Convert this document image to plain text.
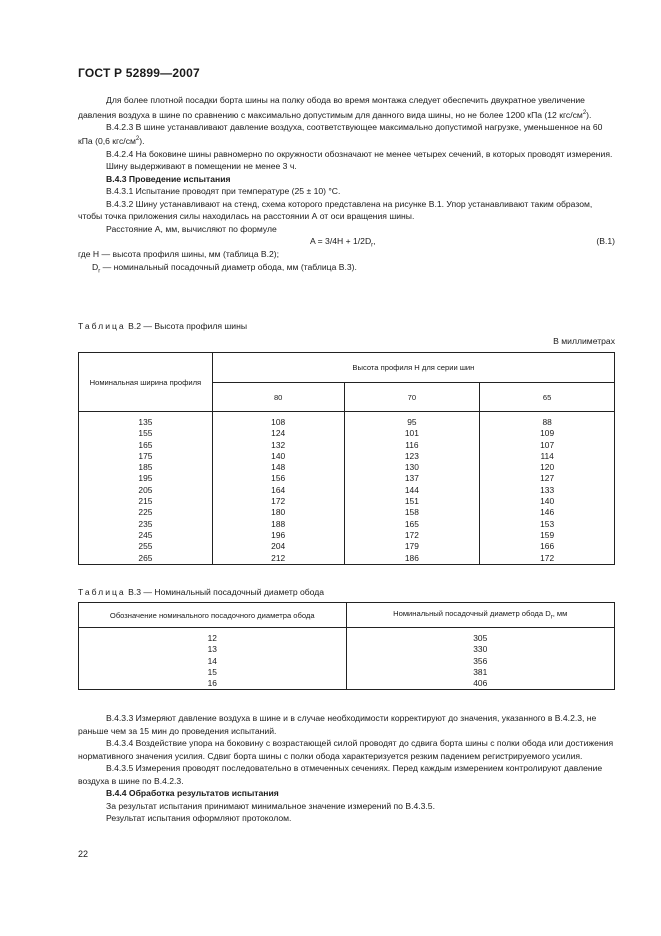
ГОСТ Р 52899—2007

Для более плотной посадки борта шины на полку обода во время монтажа следует обеспечить двукратное увеличение давления воздуха в шине по сравнению с максимально допустимым для данного вида шины, но не более 1200 кПа (12 кгс/$см^2$).

В.4.2.3 В шине устанавливают давление воздуха, соответствующее максимально допустимой нагрузке, уменьшенное на 60 кПа (0,6 кгс/$см^2$).

В.4.2.4 На боковине шины равномерно по окружности обозначают не менее четырех сечений, в которых проводят измерения.

Шину выдерживают в помещении не менее 3 ч.

В.4.3 Проведение испытания

В.4.3.1 Испытание проводят при температуре (25 ± 10) °C.

В.4.3.2 Шину устанавливают на стенд, схема которого представлена на рисунке В.1. Упор устанавливают таким образом, чтобы точка приложения силы находилась на расстоянии А от оси вращения шины.

Расстояние А, мм, вычисляют по формуле

$A = 3/4H + 1/2D_r$,	(В.1)

где H — высота профиля шины, мм (таблица В.2);

$D_r$ — номинальный посадочный диаметр обода, мм (таблица В.3).

Таблица В.2 — Высота профиля шины
В миллиметрах
Номинальная ширина профиля	Высота профиля H для серии шин		
	80	70	65
135	108	95	88
155	124	101	109
165	132	116	107
175	140	123	114
185	148	130	120
195	156	137	127
205	164	144	133
215	172	151	140
225	180	158	146
235	188	165	153
245	196	172	159
255	204	179	166
265	212	186	172
Таблица В.3 — Номинальный посадочный диаметр обода
Обозначение номинального посадочного диаметра обода	Номинальный посадочный диаметр обода $D_r$, мм
12	305
13	330
14	356
15	381
16	406

В.4.3.3 Измеряют давление воздуха в шине и в случае необходимости корректируют до значения, указанного в В.4.2.3, не раньше чем за 15 мин до проведения испытаний.

В.4.3.4 Воздействие упора на боковину с возрастающей силой проводят до сдвига борта шины с полки обода или достижения нормативного значения усилия. Сдвиг борта шины с полки обода характеризуется резким падением регистрируемого усилия.

В.4.3.5 Измерения проводят последовательно в отмеченных сечениях. Перед каждым измерением контролируют давление воздуха в шине по В.4.2.3.

В.4.4 Обработка результатов испытания

За результат испытания принимают минимальное значение измерений по В.4.3.5.

Результат испытания оформляют протоколом.

22
